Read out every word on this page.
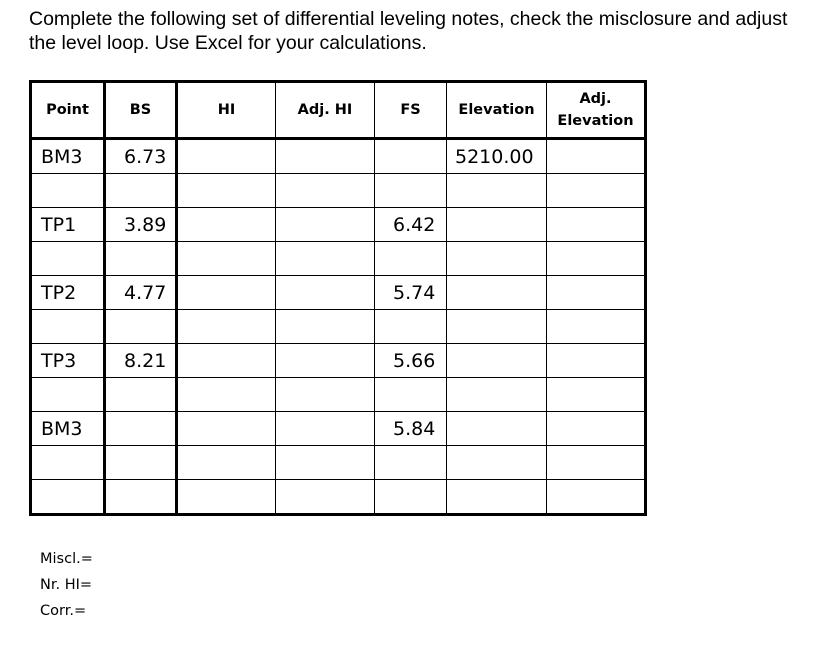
Complete the following set of differential leveling notes, check the misclosure and adjust the level loop. Use Excel for your calculations.

Point	BS	HI	Adj. HI	FS	Elevation	Adj.
Elevation

BM3	6.73				5210.00	

TP1	3.89			6.42		

TP2	4.77			5.74		

TP3	8.21			5.66		

BM3				5.84		

Miscl.=
Nr. HI=
Corr.=
